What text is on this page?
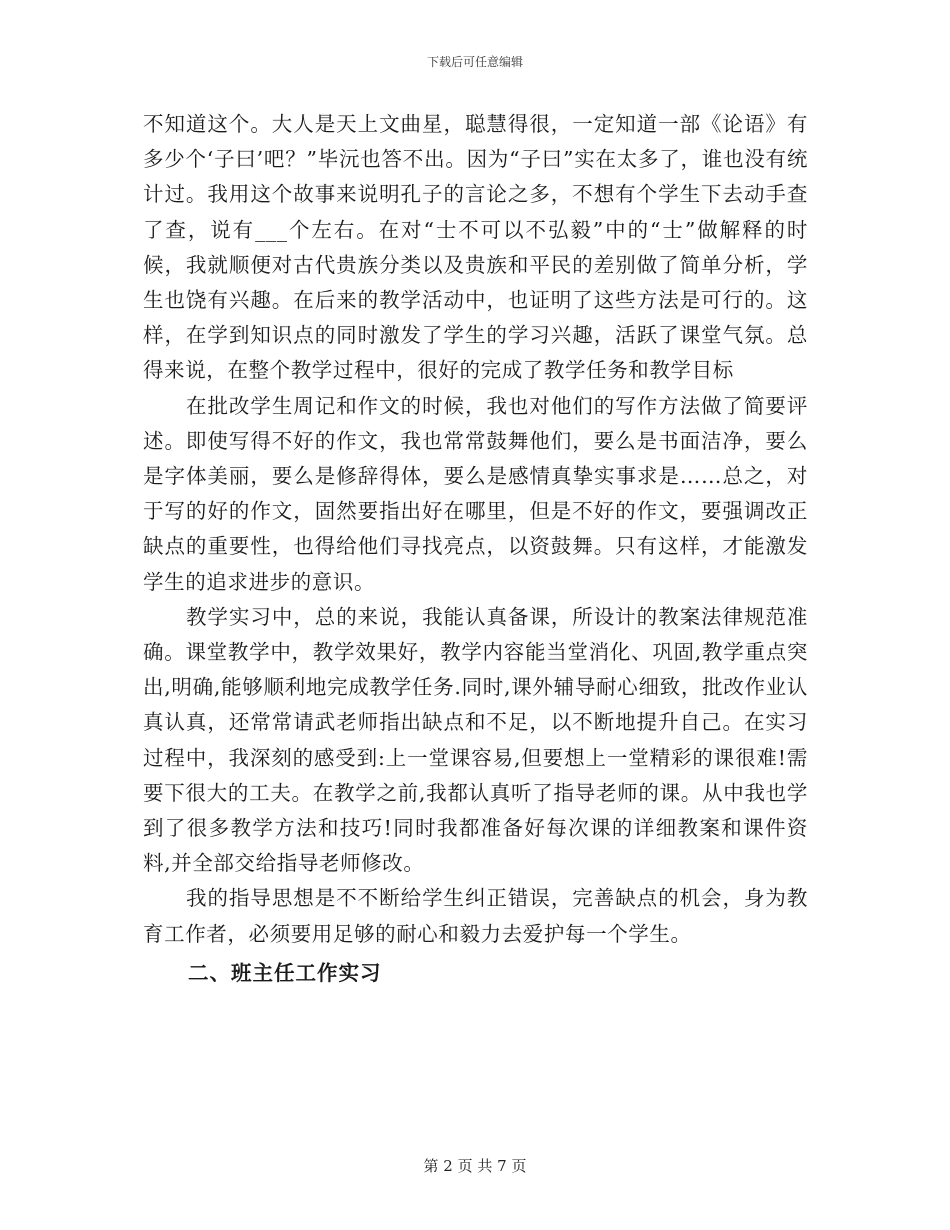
下载后可任意编辑

不知道这个。大人是天上文曲星，聪慧得很，一定知道一部《论语》有多少个‘子曰’吧？”毕沅也答不出。因为“子曰”实在太多了，谁也没有统计过。我用这个故事来说明孔子的言论之多，不想有个学生下去动手查了查，说有___个左右。在对“士不可以不弘毅”中的“士”做解释的时候，我就顺便对古代贵族分类以及贵族和平民的差别做了简单分析，学生也饶有兴趣。在后来的教学活动中，也证明了这些方法是可行的。这样，在学到知识点的同时激发了学生的学习兴趣，活跃了课堂气氛。总得来说，在整个教学过程中，很好的完成了教学任务和教学目标

在批改学生周记和作文的时候，我也对他们的写作方法做了简要评述。即使写得不好的作文，我也常常鼓舞他们，要么是书面洁净，要么是字体美丽，要么是修辞得体，要么是感情真挚实事求是……总之，对于写的好的作文，固然要指出好在哪里，但是不好的作文，要强调改正缺点的重要性，也得给他们寻找亮点，以资鼓舞。只有这样，才能激发学生的追求进步的意识。

教学实习中，总的来说，我能认真备课，所设计的教案法律规范准确。课堂教学中，教学效果好，教学内容能当堂消化、巩固,教学重点突出,明确,能够顺利地完成教学任务.同时,课外辅导耐心细致，批改作业认真认真，还常常请武老师指出缺点和不足，以不断地提升自己。在实习过程中，我深刻的感受到:上一堂课容易,但要想上一堂精彩的课很难!需要下很大的工夫。在教学之前,我都认真听了指导老师的课。从中我也学到了很多教学方法和技巧!同时我都准备好每次课的详细教案和课件资料,并全部交给指导老师修改。

我的指导思想是不不断给学生纠正错误，完善缺点的机会，身为教育工作者，必须要用足够的耐心和毅力去爱护每一个学生。

二、班主任工作实习
第 2 页 共 7 页
